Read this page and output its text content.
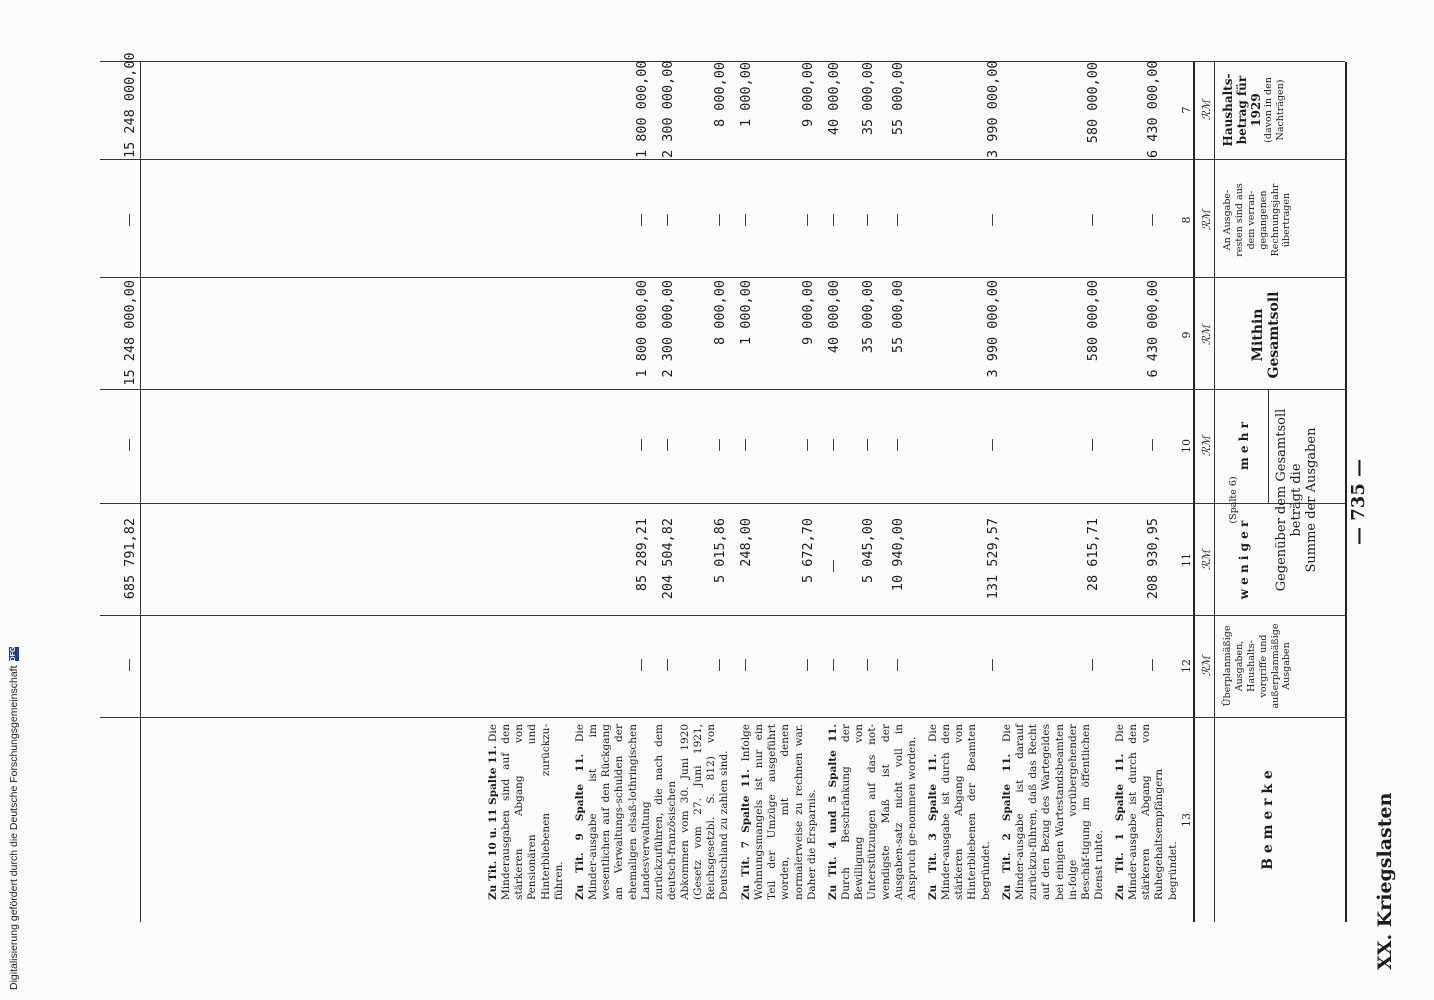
Digitalisierung gefördert durch die Deutsche Forschungsgemeinschaft
DFG
— 735 —
XX. Kriegslasten
Haushalts-
betrag für
1929 (davon in den
Nachträgen)
An Ausgabe-
resten sind aus
dem verran-
gegangenen
Rechnungsjahr
übertragen
Mithin
Gesamtsoll
Gegenüber dem Gesamtsoll
beträgt die
Summe der Ausgaben
(Spalte 6)
m e h r
w e n i g e r
Überplanmäßige
Ausgaben,
Haushalts-
vorgriffe und
außerplanmäßige
Ausgaben
B e m e r k e
ℛℳ
ℛℳ
ℛℳ
ℛℳ
ℛℳ
ℛℳ
7
8
9
10
11
12
13
6 430 000,00
—
6 430 000,00
—
208 930,95
—
580 000,00
—
580 000,00
—
28 615,71
—
3 990 000,00
—
3 990 000,00
—
131 529,57
—
55 000,00
—
55 000,00
—
10 940,00
—
35 000,00
—
35 000,00
—
5 045,00
—
40 000,00
—
40 000,00
—
—
—
9 000,00
—
9 000,00
—
5 672,70
—
1 000,00
—
1 000,00
—
248,00
—
8 000,00
—
8 000,00
—
5 015,86
—
2 300 000,00
—
2 300 000,00
—
204 504,82
—
1 800 000,00
—
1 800 000,00
—
85 289,21
—
15 248 000,00
—
15 248 000,00
—
685 791,82
—
Zu Tit. 1 Spalte 11. Die Minder-ausgabe ist durch den stärkeren Abgang von Ruhegehaltsempfängern begründet.
Zu Tit. 2 Spalte 11. Die Minder-ausgabe ist darauf zurückzu-führen, daß das Recht auf den Bezug des Wartegeldes bei einigen Wartestandsbeamten in-folge vorübergehender Beschäf-tigung im öffentlichen Dienst ruhte.
Zu Tit. 3 Spalte 11. Die Minder-ausgabe ist durch den stärkeren Abgang von Hinterbliebenen der Beamten begründet.
Zu Tit. 4 und 5 Spalte 11. Durch Beschränkung der Bewilligung von Unterstützungen auf das not-wendigste Maß ist der Ausgaben-satz nicht voll in Anspruch ge-nommen worden.
Zu Tit. 7 Spalte 11. Infolge Wohnungsmangels ist nur ein Teil der Umzüge ausgeführt worden, mit denen normalerweise zu rechnen war. Daher die Ersparnis.
Zu Tit. 9 Spalte 11. Die Minder-ausgabe ist im wesentlichen auf den Rückgang an Verwaltungs-schulden der ehemaligen elsaß-lothringischen Landesverwaltung zurückzuführen, die nach dem deutsch-französischen Abkommen vom 30. Juni 1920 (Gesetz vom 27. Juni 1921, Reichsgesetzbl. S. 812) von Deutschland zu zahlen sind.
Zu Tit. 10 u. 11 Spalte 11. Die Minderausgaben sind auf den stärkeren Abgang von Pensionären und Hinterbliebenen zurückzu-führen.
